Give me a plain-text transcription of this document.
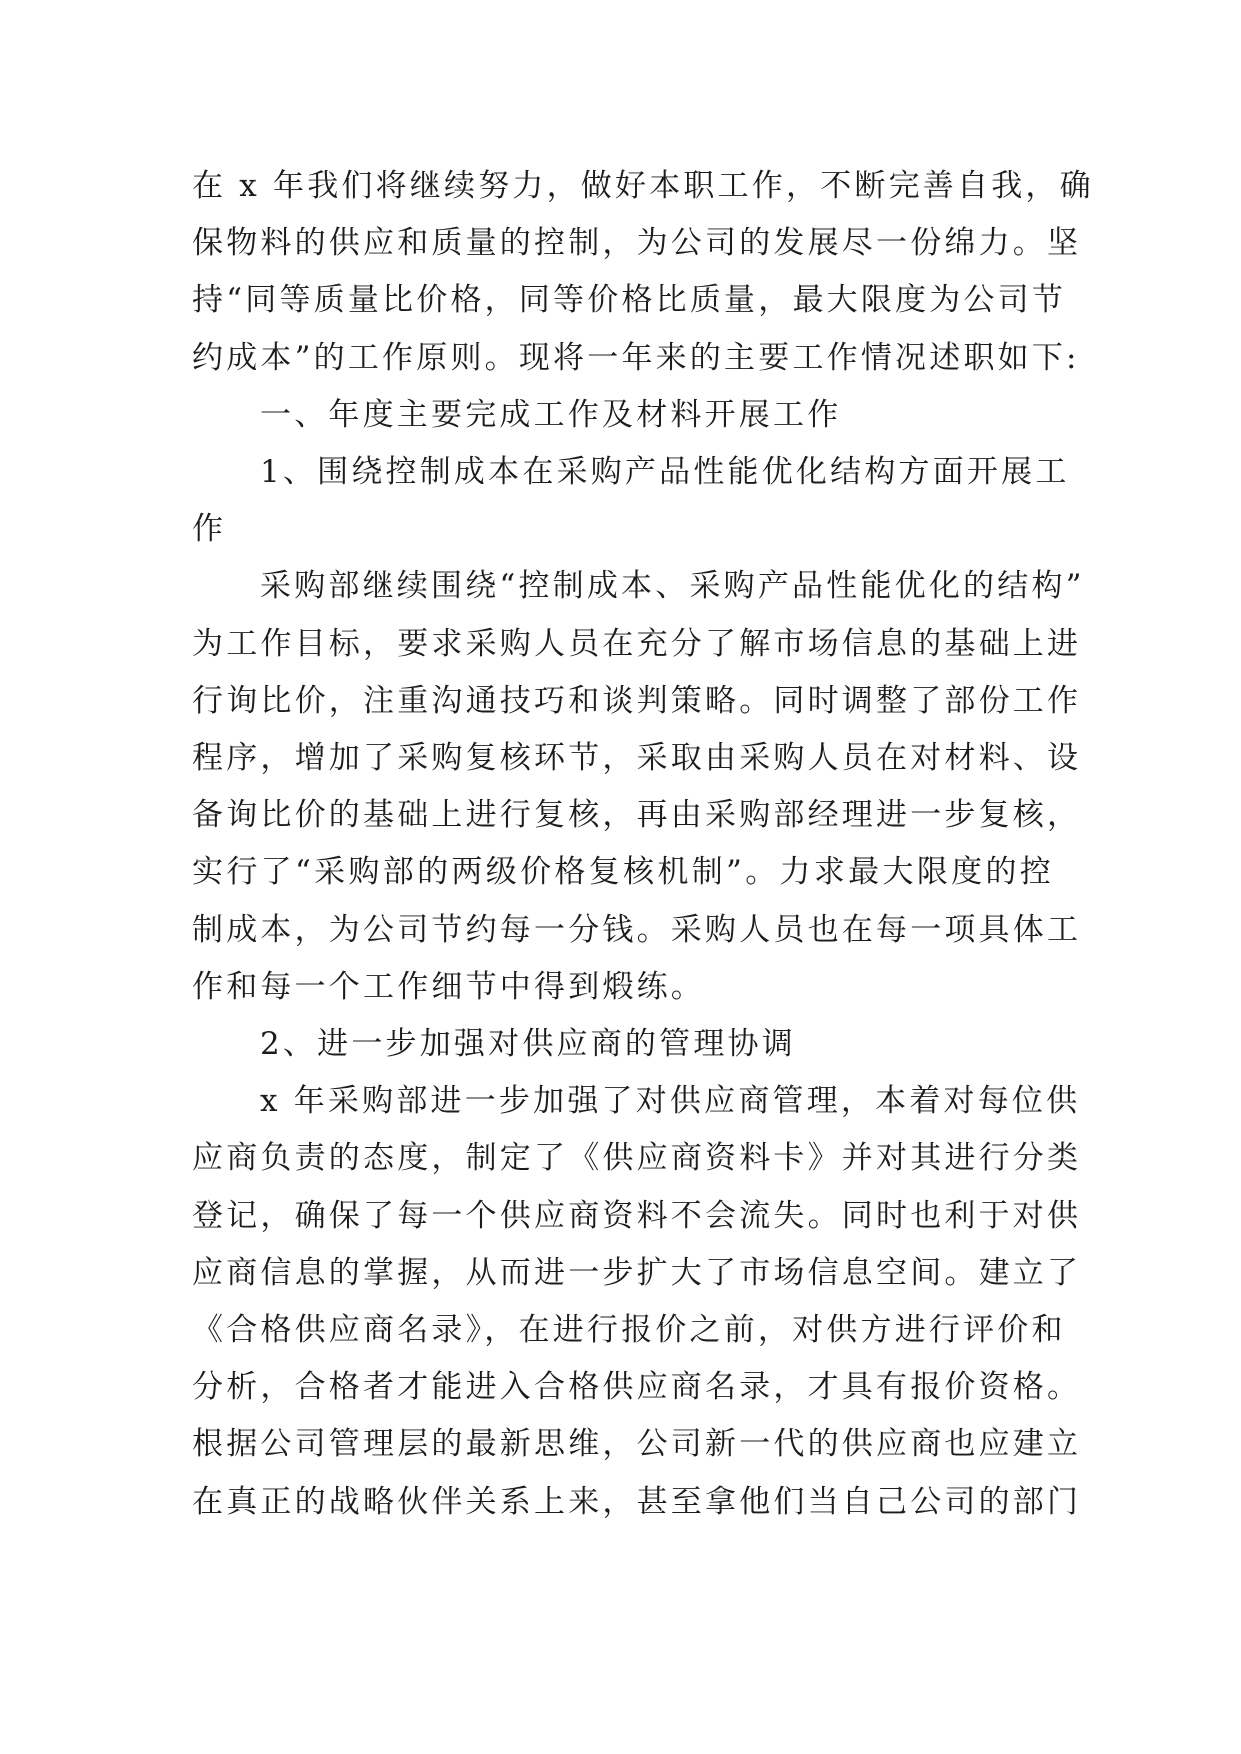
在 x 年我们将继续努力，做好本职工作，不断完善自我，确
保物料的供应和质量的控制，为公司的发展尽一份绵力。坚
持“同等质量比价格，同等价格比质量，最大限度为公司节
约成本”的工作原则。现将一年来的主要工作情况述职如下:

一、年度主要完成工作及材料开展工作

1、围绕控制成本在采购产品性能优化结构方面开展工
作

采购部继续围绕“控制成本、采购产品性能优化的结构”
为工作目标，要求采购人员在充分了解市场信息的基础上进
行询比价，注重沟通技巧和谈判策略。同时调整了部份工作
程序，增加了采购复核环节，采取由采购人员在对材料、设
备询比价的基础上进行复核，再由采购部经理进一步复核，
实行了“采购部的两级价格复核机制”。力求最大限度的控
制成本，为公司节约每一分钱。采购人员也在每一项具体工
作和每一个工作细节中得到煅练。

2、进一步加强对供应商的管理协调

x 年采购部进一步加强了对供应商管理，本着对每位供
应商负责的态度，制定了《供应商资料卡》并对其进行分类
登记，确保了每一个供应商资料不会流失。同时也利于对供
应商信息的掌握，从而进一步扩大了市场信息空间。建立了
《合格供应商名录》，在进行报价之前，对供方进行评价和
分析，合格者才能进入合格供应商名录，才具有报价资格。
根据公司管理层的最新思维，公司新一代的供应商也应建立
在真正的战略伙伴关系上来，甚至拿他们当自己公司的部门
